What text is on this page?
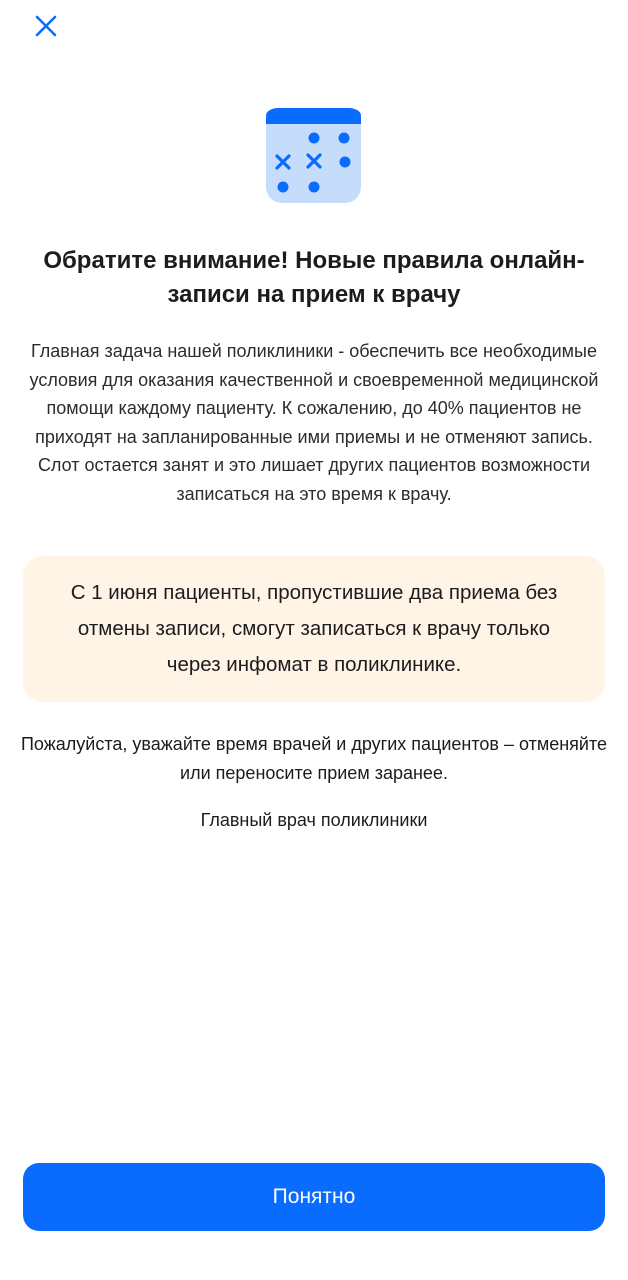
Обратите внимание! Новые правила онлайн-записи на прием к врачу

Главная задача нашей поликлиники - обеспечить все необходимые условия для оказания качественной и своевременной медицинской помощи каждому пациенту. К сожалению, до 40% пациентов не приходят на запланированные ими приемы и не отменяют запись. Слот остается занят и это лишает других пациентов возможности записаться на это время к врачу.

С 1 июня пациенты, пропустившие два приема без отмены записи, смогут записаться к врачу только через инфомат в поликлинике.

Пожалуйста, уважайте время врачей и других пациентов – отменяйте или переносите прием заранее.

Главный врач поликлиники

Понятно
